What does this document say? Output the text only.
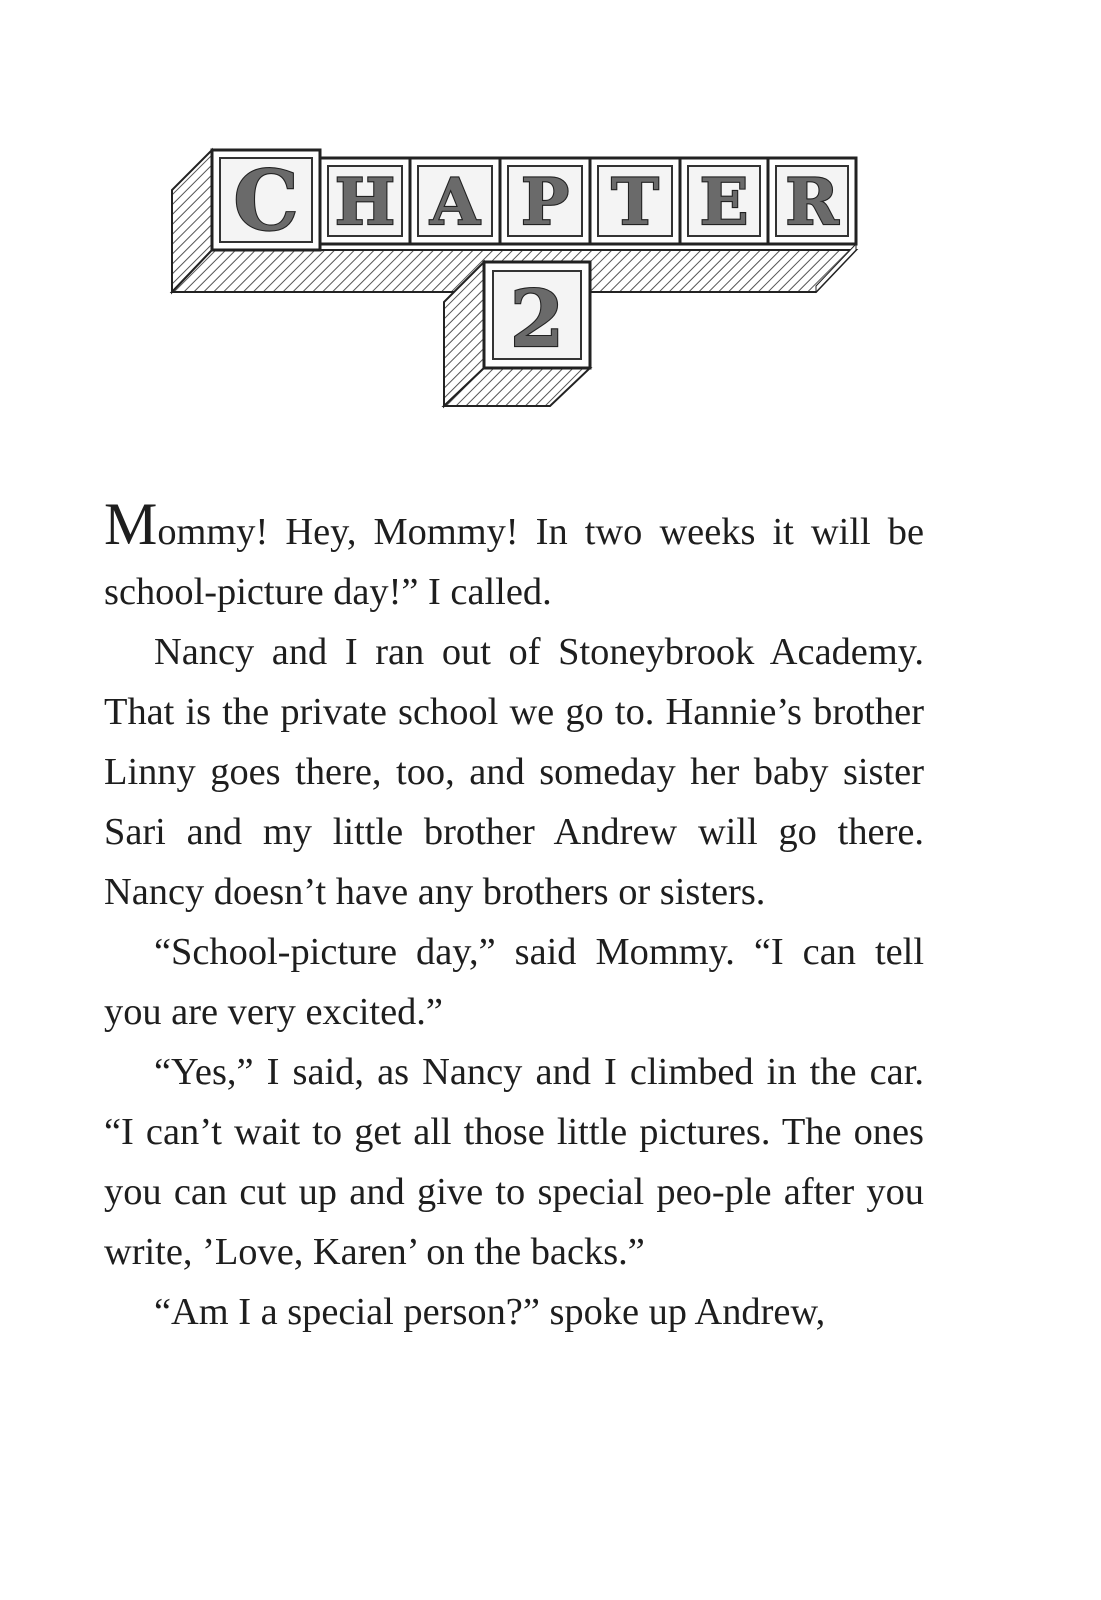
C H A P T E R
2

Mommy! Hey, Mommy! In two weeks it will be school-picture day!” I called.

Nancy and I ran out of Stoneybrook Academy. That is the private school we go to. Hannie’s brother Linny goes there, too, and someday her baby sister Sari and my little brother Andrew will go there. Nancy doesn’t have any brothers or sisters.

“School-picture day,” said Mommy. “I can tell you are very excited.”

“Yes,” I said, as Nancy and I climbed in the car. “I can’t wait to get all those little pictures. The ones you can cut up and give to special peo-ple after you write, ’Love, Karen’ on the backs.”

“Am I a special person?” spoke up Andrew,
